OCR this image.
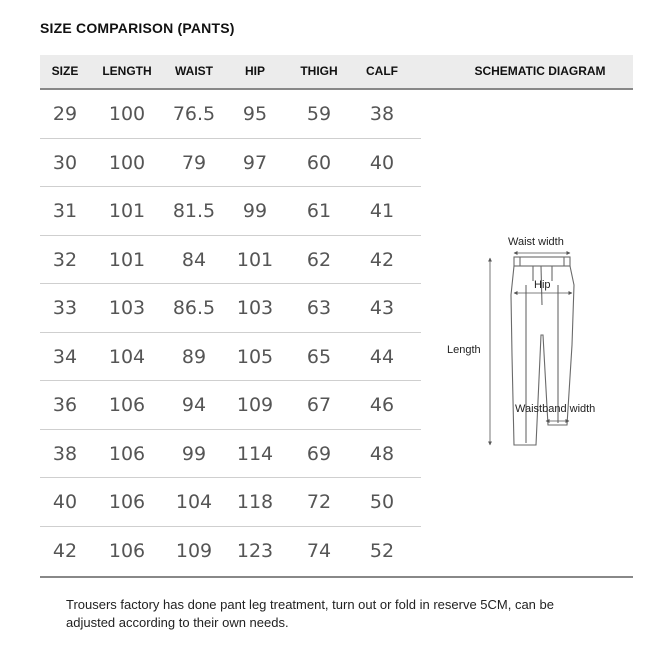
SIZE COMPARISON (PANTS)
SIZE	LENGTH	WAIST	HIP	THIGH	CALF	SCHEMATIC DIAGRAM
29	100	76.5	95	59	38
30	100	79	97	60	40
31	101	81.5	99	61	41
32	101	84	101	62	42
33	103	86.5	103	63	43
34	104	89	105	65	44
36	106	94	109	67	46
38	106	99	114	69	48
40	106	104	118	72	50
42	106	109	123	74	52
Waist width
Hip
Length
Waistband width
Trousers factory has done pant leg treatment, turn out or fold in reserve 5CM, can be adjusted according to their own needs.
